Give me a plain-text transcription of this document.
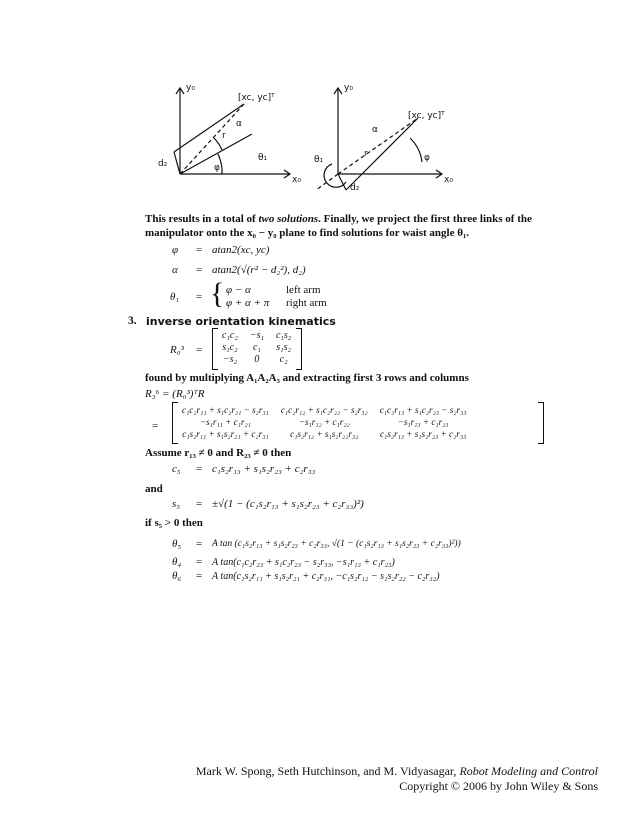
y₀
x₀
[xc, yc]ᵀ
d₂
θ₁
α
r
φ
y₀
x₀
[xc, yc]ᵀ
d₂
θ₁
α
r	φ
This results in a total of two solutions. Finally, we project the first three links of the
manipulator onto the x₀ − y₀ plane to find solutions for waist angle θ₁.
φ = atan2(xc, yc)
α = atan2(√(r² − d₂²), d₂)
θ₁ = { φ − α	left arm
φ + α + π right arm
3. inverse orientation kinematics
R₀³ =
c₁c₂	−s₁	c₁s₂
s₁c₂	c₁	s₁s₂
−s₂	0	c₂
found by multiplying A₁A₂A₃ and extracting first 3 rows and columns
R₃⁶ = (R₀³)ᵀR
=
c₁c₂r₁₁ + s₁c₂r₂₁ − s₂r₃₁	c₁c₂r₁₂ + s₁c₂r₂₂ − s₂r₃₂	c₁c₂r₁₃ + s₁c₂r₂₃ − s₂r₃₃
−s₁r₁₁ + c₁r₂₁	−s₁r₁₂ + c₁r₂₂	−s₁r₁₃ + c₁r₂₃
c₁s₂r₁₁ + s₁s₂r₂₁ + c₂r₃₁	c₁s₂r₁₂ + s₁s₂r₂₂r₃₂	c₁s₂r₁₃ + s₁s₂r₂₃ + c₂r₃₃
Assume r₁₃ ≠ 0 and R₂₃ ≠ 0 then
c₅ = c₁s₂r₁₃ + s₁s₂r₂₃ + c₂r₃₃
and
s₅ = ±√(1 − (c₁s₂r₁₃ + s₁s₂r₂₃ + c₂r₃₃)²)
if s₅ > 0 then
θ₅ = A tan (c₁s₂r₁₃ + s₁s₂r₂₃ + c₂r₃₃, √(1 − (c₁s₂r₁₃ + s₁s₂r₂₃ + c₂r₃₃)²))
θ₄ = A tan(c₁c₂r₂₃ + s₁c₂r₂₃ − s₂r₃₃, −s₁r₁₃ + c₁r₂₃)
θ₆ = A tan(c₁s₂r₁₁ + s₁s₂r₂₁ + c₂r₃₁, −c₁s₂r₁₂ − s₁s₂r₂₂ − c₂r₃₂)
Mark W. Spong, Seth Hutchinson, and M. Vidyasagar, Robot Modeling and Control
Copyright © 2006 by John Wiley & Sons
